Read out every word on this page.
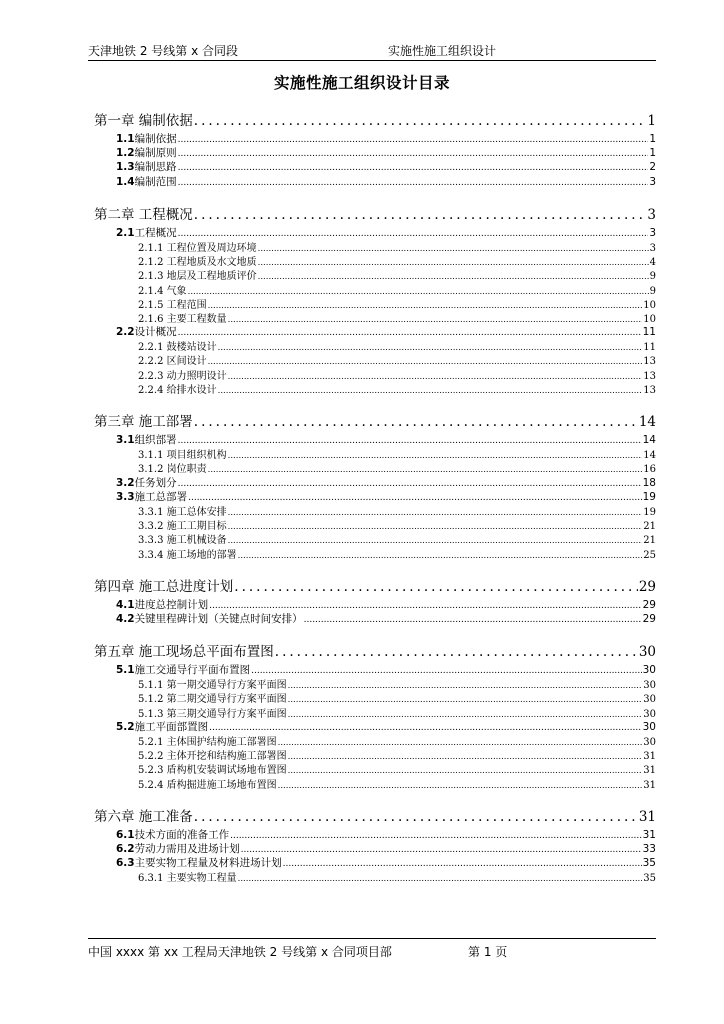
天津地铁 2 号线第 x 合同段	实施性施工组织设计
实施性施工组织设计目录
第一章 编制依据 .....	1
1.1编制依据 .....	1
1.2编制原则 .....	1
1.3编制思路 .....	2
1.4编制范围 .....	3
第二章 工程概况 .....	3
2.1工程概况 .....	3
2.1.1 工程位置及周边环境 .....	3
2.1.2 工程地质及水文地质 .....	4
2.1.3 地层及工程地质评价 .....	9
2.1.4 气象 .....	9
2.1.5 工程范围 .....	10
2.1.6 主要工程数量 .....	10
2.2设计概况 .....	11
2.2.1 鼓楼站设计 .....	11
2.2.2 区间设计 .....	13
2.2.3 动力照明设计 .....	13
2.2.4 给排水设计 .....	13
第三章 施工部署 .....	14
3.1组织部署 .....	14
3.1.1 项目组织机构 .....	14
3.1.2 岗位职责 .....	16
3.2任务划分 .....	18
3.3施工总部署 .....	19
3.3.1 施工总体安排 .....	19
3.3.2 施工工期目标 .....	21
3.3.3 施工机械设备 .....	21
3.3.4 施工场地的部署 .....	25
第四章 施工总进度计划 .....	29
4.1进度总控制计划 .....	29
4.2关键里程碑计划（关键点时间安排） .....	29
第五章 施工现场总平面布置图 .....	30
5.1施工交通导行平面布置图 .....	30
5.1.1 第一期交通导行方案平面图 .....	30
5.1.2 第二期交通导行方案平面图 .....	30
5.1.3 第三期交通导行方案平面图 .....	30
5.2施工平面部置图 .....	30
5.2.1 主体围护结构施工部署图 .....	30
5.2.2 主体开挖和结构施工部署图 .....	31
5.2.3 盾构机安装调试场地布置图 .....	31
5.2.4 盾构掘进施工场地布置图 .....	31
第六章 施工准备 .....	31
6.1技术方面的准备工作 .....	31
6.2劳动力需用及进场计划 .....	33
6.3主要实物工程量及材料进场计划 .....	35
6.3.1 主要实物工程量 .....	35
中国 xxxx 第 xx 工程局天津地铁 2 号线第 x 合同项目部	第 1 页
